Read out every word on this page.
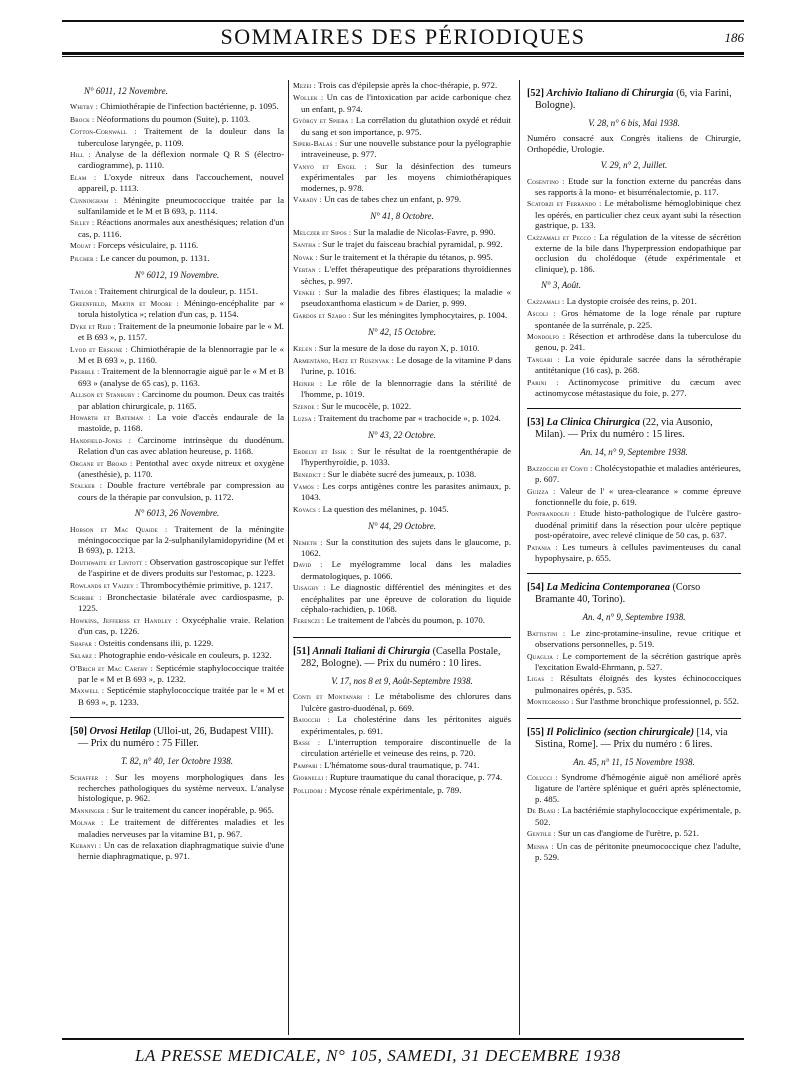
SOMMAIRES DES PÉRIODIQUES	186
N° 6011, 12 Novembre.
Whitby : Chimiothérapie de l'infection bactérienne, p. 1095.
Brock : Néoformations du poumon (Suite), p. 1103.
Cotton-Cornwall : Traitement de la douleur dans la tuberculose laryngée, p. 1109.
Hill : Analyse de la déflexion normale Q R S (électro-cardiogramme), p. 1110.
Elam : L'oxyde nitreux dans l'accouchement, nouvel appareil, p. 1113.
Cunningham : Méningite pneumococcique traitée par la sulfanilamide et le M et B 693, p. 1114.
Silley : Réactions anormales aux anesthésiques; relation d'un cas, p. 1116.
Mouat : Forceps vésiculaire, p. 1116.
Pilcher : Le cancer du poumon, p. 1131.
N° 6012, 19 Novembre.
Taylor : Traitement chirurgical de la douleur, p. 1151.
Greenfield, Martin et Moore : Méningo-encéphalite par « torula histolytica »; relation d'un cas, p. 1154.
Dyke et Reid : Traitement de la pneumonie lobaire par le « M. et B 693 », p. 1157.
Lyod et Erskine : Chimiothérapie de la blennorragie par le « M et B 693 », p. 1160.
Prebble : Traitement de la blennorragie aiguë par le « M et B 693 » (analyse de 65 cas), p. 1163.
Allison et Stanbury : Carcinome du poumon. Deux cas traités par ablation chirurgicale, p. 1165.
Howarth et Bateman : La voie d'accès endaurale de la mastoïde, p. 1168.
Handfield-Jones : Carcinome intrinsèque du duodénum. Relation d'un cas avec ablation heureuse, p. 1168.
Organe et Broad : Pentothal avec oxyde nitreux et oxygène (anesthésie), p. 1170.
Stalker : Double fracture vertébrale par compression au cours de la thérapie par convulsion, p. 1172.
N° 6013, 26 Novembre.
Hobson et Mac Quaide : Traitement de la méningite méningococcique par la 2-sulphanilylamidopyridine (M et B 693), p. 1213.
Douthwaite et Lintott : Observation gastroscopique sur l'effet de l'aspirine et de divers produits sur l'estomac, p. 1223.
Rowlands et Vaizey : Thrombocythémie primitive, p. 1217.
Schribe : Bronchectasie bilatérale avec cardiospasme, p. 1225.
Howkins, Jefferiss et Handley : Oxycéphalie vraie. Relation d'un cas, p. 1226.
Shafar : Osteitis condensans ilii, p. 1229.
Sklarz : Photographie endo-vésicale en couleurs, p. 1232.
O'Brich et Mac Carthy : Septicémie staphylococcique traitée par le « M et B 693 », p. 1232.
Maxwell : Septicémie staphylococcique traitée par le « M et B 693 », p. 1233.
[50] Orvosi Hetilap (Ulloi-ut, 26, Budapest VIII). — Prix du numéro : 75 Filler.
T. 82, n° 40, 1er Octobre 1938.
Schaffer : Sur les moyens morphologiques dans les recherches pathologiques du système nerveux. L'analyse histologique, p. 962.
Manninger : Sur le traitement du cancer inopérable, p. 965.
Molnar : Le traitement de différentes maladies et les maladies nerveuses par la vitamine B1, p. 967.
Kubanyi : Un cas de relaxation diaphragmatique suivie d'une hernie diaphragmatique, p. 971.
Mezei : Trois cas d'épilepsie après la choc-thérapie, p. 972.
Wollek : Un cas de l'intoxication par acide carbonique chez un enfant, p. 974.
György et Spiera : La corrélation du glutathion oxydé et réduit du sang et son importance, p. 975.
Siperi-Balas : Sur une nouvelle substance pour la pyélographie intraveineuse, p. 977.
Vanyo et Engel : Sur la désinfection des tumeurs expérimentales par les moyens chimiothérapiques modernes, p. 978.
Varady : Un cas de tabes chez un enfant, p. 979.
N° 41, 8 Octobre.
Melczer et Sipos : Sur la maladie de Nicolas-Favre, p. 990.
Santha : Sur le trajet du faisceau brachial pyramidal, p. 992.
Novak : Sur le traitement et la thérapie du tétanos, p. 995.
Vertan : L'effet thérapeutique des préparations thyroïdiennes sèches, p. 997.
Venkei : Sur la maladie des fibres élastiques; la maladie « pseudoxanthoma elasticum » de Darier, p. 999.
Gardos et Szabo : Sur les méningites lymphocytaires, p. 1004.
N° 42, 15 Octobre.
Kelen : Sur la mesure de la dose du rayon X, p. 1010.
Armentano, Hatz et Rusznyak : Le dosage de la vitamine P dans l'urine, p. 1016.
Heiner : Le rôle de la blennorragie dans la stérilité de l'homme, p. 1019.
Szende : Sur le mucocèle, p. 1022.
Luzsa : Traitement du trachome par « trachocide », p. 1024.
N° 43, 22 Octobre.
Erdelyi et Issik : Sur le résultat de la roentgenthérapie de l'hyperthyroïdie, p. 1033.
Benedict : Sur le diabète sucré des jumeaux, p. 1038.
Vamos : Les corps antigènes contre les parasites animaux, p. 1043.
Kovacs : La question des mélanines, p. 1045.
N° 44, 29 Octobre.
Nemeth : Sur la constitution des sujets dans le glaucome, p. 1062.
David : Le myélogramme local dans les maladies dermatologiques, p. 1066.
Ujsaghy : Le diagnostic différentiel des méningites et des encéphalites par une épreuve de coloration du liquide céphalo-rachidien, p. 1068.
Ferenczi : Le traitement de l'abcès du poumon, p. 1070.
[51] Annali Italiani di Chirurgia (Casella Postale, 282, Bologne). — Prix du numéro : 10 lires.
V. 17, nos 8 et 9, Août-Septembre 1938.
Conti et Montanari : Le métabolisme des chlorures dans l'ulcère gastro-duodénal, p. 669.
Baiocchi : La cholestérine dans les péritonites aiguës expérimentales, p. 691.
Bassi : L'interruption temporaire discontinuelle de la circulation artérielle et veineuse des reins, p. 720.
Pampari : L'hématome sous-dural traumatique, p. 741.
Giornelli : Rupture traumatique du canal thoracique, p. 774.
Pollidori : Mycose rénale expérimentale, p. 789.
[52] Archivio Italiano di Chirurgia (6, via Farini, Bologne).
V. 28, n° 6 bis, Mai 1938.
Numéro consacré aux Congrès italiens de Chirurgie, Orthopédie, Urologie.
V. 29, n° 2, Juillet.
Cosentino : Etude sur la fonction externe du pancréas dans ses rapports à la mono- et bisurrénalectomie, p. 117.
Scatorzi et Ferrando : Le métabolisme hémoglobinique chez les opérés, en particulier chez ceux ayant subi la résection gastrique, p. 133.
Cazzamali et Pecco : La régulation de la vitesse de sécrétion externe de la bile dans l'hyperpression endopathique par occlusion du cholédoque (étude expérimentale et clinique), p. 186.
N° 3, Août.
Cazzamali : La dystopie croisée des reins, p. 201.
Ascoli : Gros hématome de la loge rénale par rupture spontanée de la surrénale, p. 225.
Mondolfo : Résection et arthrodèse dans la tuberculose du genou, p. 241.
Tangari : La voie épidurale sacrée dans la sérothérapie antitétanique (16 cas), p. 268.
Parini : Actinomycose primitive du cæcum avec actinomycose métastasique du foie, p. 277.
[53] La Clinica Chirurgica (22, via Ausonio, Milan). — Prix du numéro : 15 lires.
An. 14, n° 9, Septembre 1938.
Bazzocchi et Conti : Cholécystopathie et maladies antérieures, p. 607.
Guizza : Valeur de l' « urea-clearance » comme épreuve fonctionnelle du foie, p. 619.
Pontrandolfi : Etude histo-pathologique de l'ulcère gastro-duodénal primitif dans la résection pour ulcère peptique post-opératoire, avec relevé clinique de 50 cas, p. 637.
Patania : Les tumeurs à cellules pavimenteuses du canal hypophysaire, p. 655.
[54] La Medicina Contemporanea (Corso Bramante 40, Torino).
An. 4, n° 9, Septembre 1938.
Battistini : Le zinc-protamine-insuline, revue critique et observations personnelles, p. 519.
Quaglia : Le comportement de la sécrétion gastrique après l'excitation Ewald-Ehrmann, p. 527.
Ligas : Résultats éloignés des kystes échinococciques pulmonaires opérés, p. 535.
Montegrosso : Sur l'asthme bronchique professionnel, p. 552.
[55] Il Policlinico (section chirurgicale) [14, via Sistina, Rome]. — Prix du numéro : 6 lires.
An. 45, n° 11, 15 Novembre 1938.
Colucci : Syndrome d'hémogénie aiguë non amélioré après ligature de l'artère splénique et guéri après splénectomie, p. 485.
De Blasi : La bactériémie staphylococcique expérimentale, p. 502.
Gentile : Sur un cas d'angiome de l'urètre, p. 521.
Menna : Un cas de péritonite pneumococcique chez l'adulte, p. 529.
LA PRESSE MEDICALE, N° 105, SAMEDI, 31 DECEMBRE 1938
